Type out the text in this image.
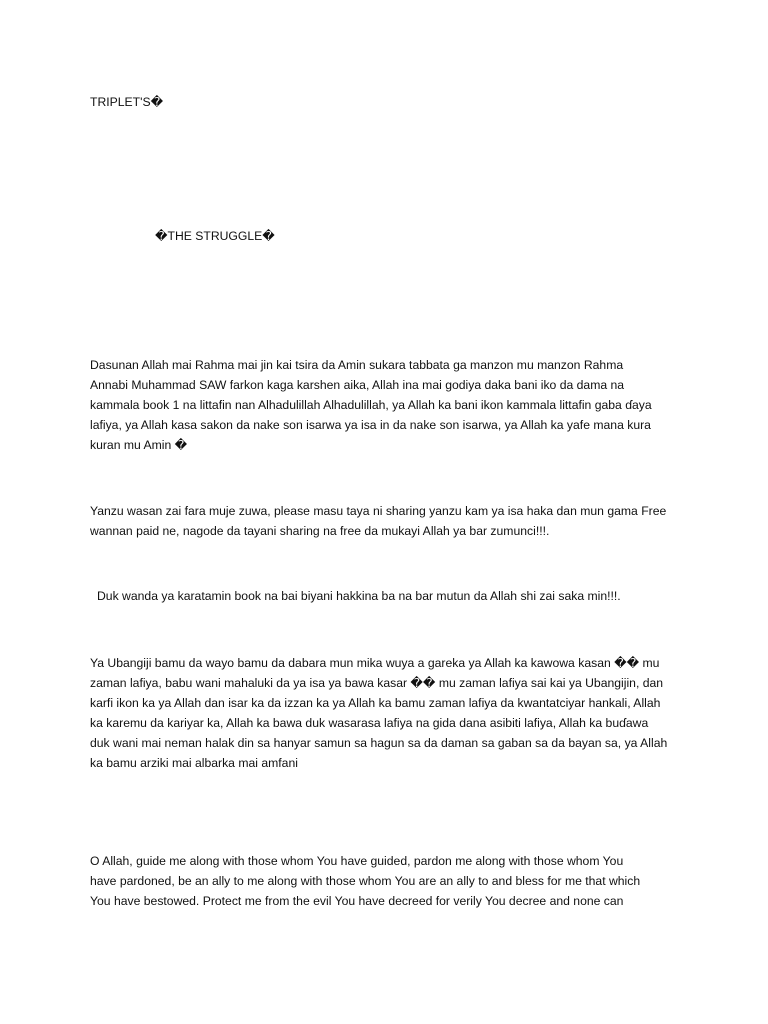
TRIPLET'S�
�THE STRUGGLE�
Dasunan Allah mai Rahma mai jin kai tsira da Amin sukara tabbata ga manzon mu manzon Rahma
Annabi Muhammad SAW farkon kaga karshen aika, Allah ina mai godiya daka bani iko da dama na
kammala book 1 na littafin nan Alhadulillah Alhadulillah, ya Allah ka bani ikon kammala littafin gaba ɗaya
lafiya, ya Allah kasa sakon da nake son isarwa ya isa in da nake son isarwa, ya Allah ka yafe mana kura
kuran mu Amin �
Yanzu wasan zai fara muje zuwa, please masu taya ni sharing yanzu kam ya isa haka dan mun gama Free
wannan paid ne, nagode da tayani sharing na free da mukayi Allah ya bar zumunci!!!.
Duk wanda ya karatamin book na bai biyani hakkina ba na bar mutun da Allah shi zai saka min!!!.
Ya Ubangiji bamu da wayo bamu da dabara mun mika wuya a gareka ya Allah ka kawowa kasan �� mu
zaman lafiya, babu wani mahaluki da ya isa ya bawa kasar �� mu zaman lafiya sai kai ya Ubangijin, dan
karfi ikon ka ya Allah dan isar ka da izzan ka ya Allah ka bamu zaman lafiya da kwantatciyar hankali, Allah
ka karemu da kariyar ka, Allah ka bawa duk wasarasa lafiya na gida dana asibiti lafiya, Allah ka buɗawa
duk wani mai neman halak din sa hanyar samun sa hagun sa da daman sa gaban sa da bayan sa, ya Allah
ka bamu arziki mai albarka mai amfani
O Allah, guide me along with those whom You have guided, pardon me along with those whom You
have pardoned, be an ally to me along with those whom You are an ally to and bless for me that which
You have bestowed. Protect me from the evil You have decreed for verily You decree and none can
